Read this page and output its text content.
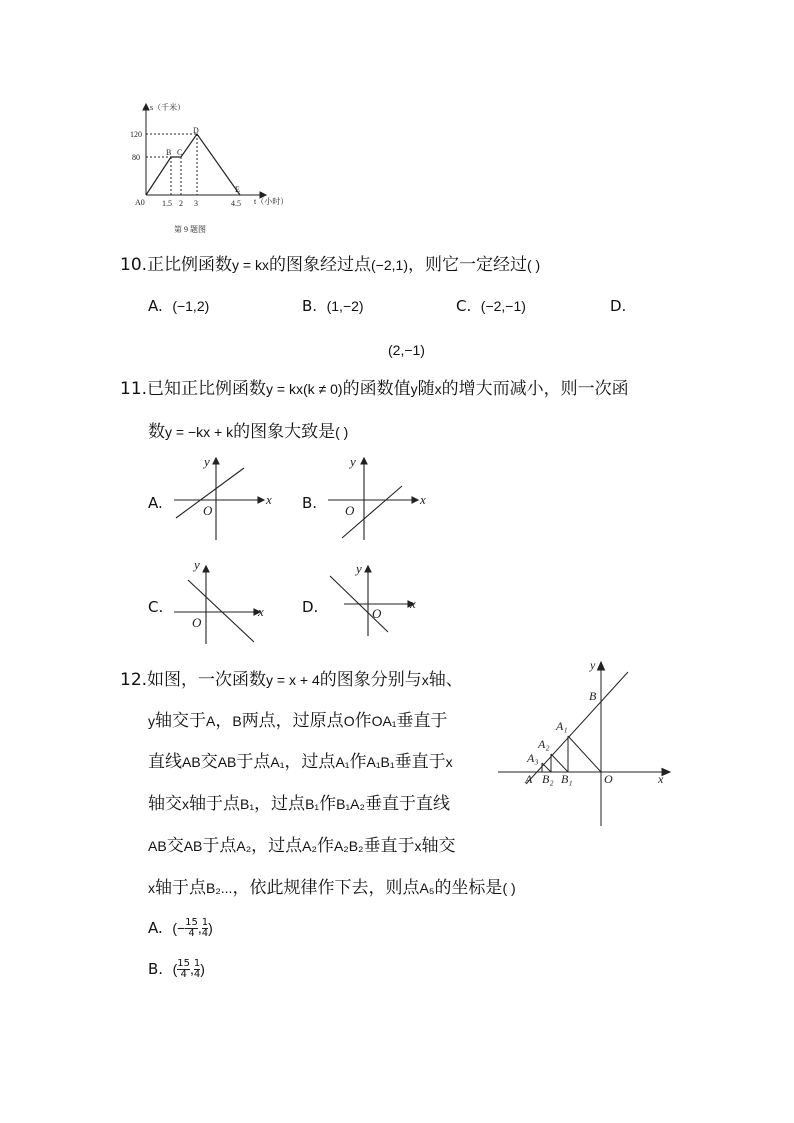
s（千米）
120
80
A0 1.5 2 3	4.5 t（小时）
B C
D
E
第 9 题图
10.正比例函数y = kx的图象经过点(−2,1)，则它一定经过( )
A. (−1,2)	B. (1,−2)	C. (−2,−1)	D.
(2,−1)
11.已知正比例函数y = kx(k ≠ 0)的函数值y随x的增大而减小，则一次函
数y = −kx + k的图象大致是( )
A.
y
x
O	B.
y
x
O
C.
y
x
O
D.
y
x
O
12.如图，一次函数y = x + 4的图象分别与x轴、
y轴交于A，B两点，过原点O作OA₁垂直于
直线AB交AB于点A₁，过点A₁作A₁B₁垂直于x
轴交x轴于点B₁，过点B₁作B₁A₂垂直于直线
AB交AB于点A₂，过点A₂作A₂B₂垂直于x轴交
x轴于点B₂...，依此规律作下去，则点A₅的坐标是( )
y
x
B
A₁
A₂
A₃
A B₂ B₁	O
A. (− $\frac{15}{4}$ , $\frac{1}{4}$ )
B. ( $\frac{15}{4}$ , $\frac{1}{4}$ )
